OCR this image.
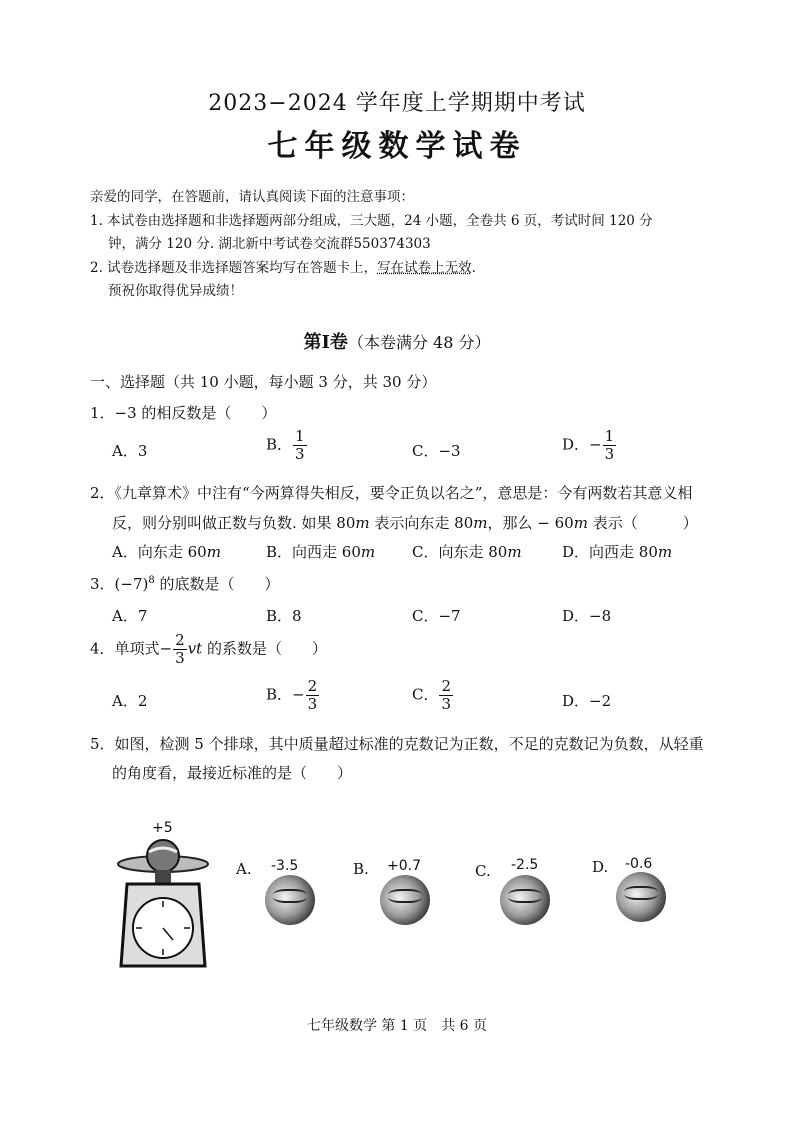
2023−2024 学年度上学期期中考试
七年级数学试卷
亲爱的同学，在答题前，请认真阅读下面的注意事项：
1. 本试卷由选择题和非选择题两部分组成，三大题，24 小题，全卷共 6 页，考试时间 120 分
钟，满分 120 分. 湖北新中考试卷交流群550374303
2. 试卷选择题及非选择题答案均写在答题卡上，写在试卷上无效.
预祝你取得优异成绩！
第Ⅰ卷（本卷满分 48 分）
一、选择题（共 10 小题，每小题 3 分，共 30 分）
1．−3 的相反数是（　　）
A．3	B． $\frac{1}{3}$	C．−3	D．− $\frac{1}{3}$
2．《九章算术》中注有“今两算得失相反，要令正负以名之”，意思是：今有两数若其意义相
反，则分别叫做正数与负数. 如果 80m 表示向东走 80m，那么 − 60m 表示（　　　）
A．向东走 60m	B．向西走 60m C．向东走 80m	D．向西走 80m
3．$(-7)^8$ 的底数是（　　）
A．7	B．8	C．−7	D．−8
4．单项式− $\frac{2}{3}$ vt 的系数是（　　）
A．2	B．− $\frac{2}{3}$	C． $\frac{2}{3}$	D．−2
5．如图，检测 5 个排球，其中质量超过标准的克数记为正数，不足的克数记为负数，从轻重
的角度看，最接近标准的是（　　）
+5
-3.5
A.	+0.7
B.	-2.5
C.	-0.6
D.
七年级数学 第 1 页　共 6 页
